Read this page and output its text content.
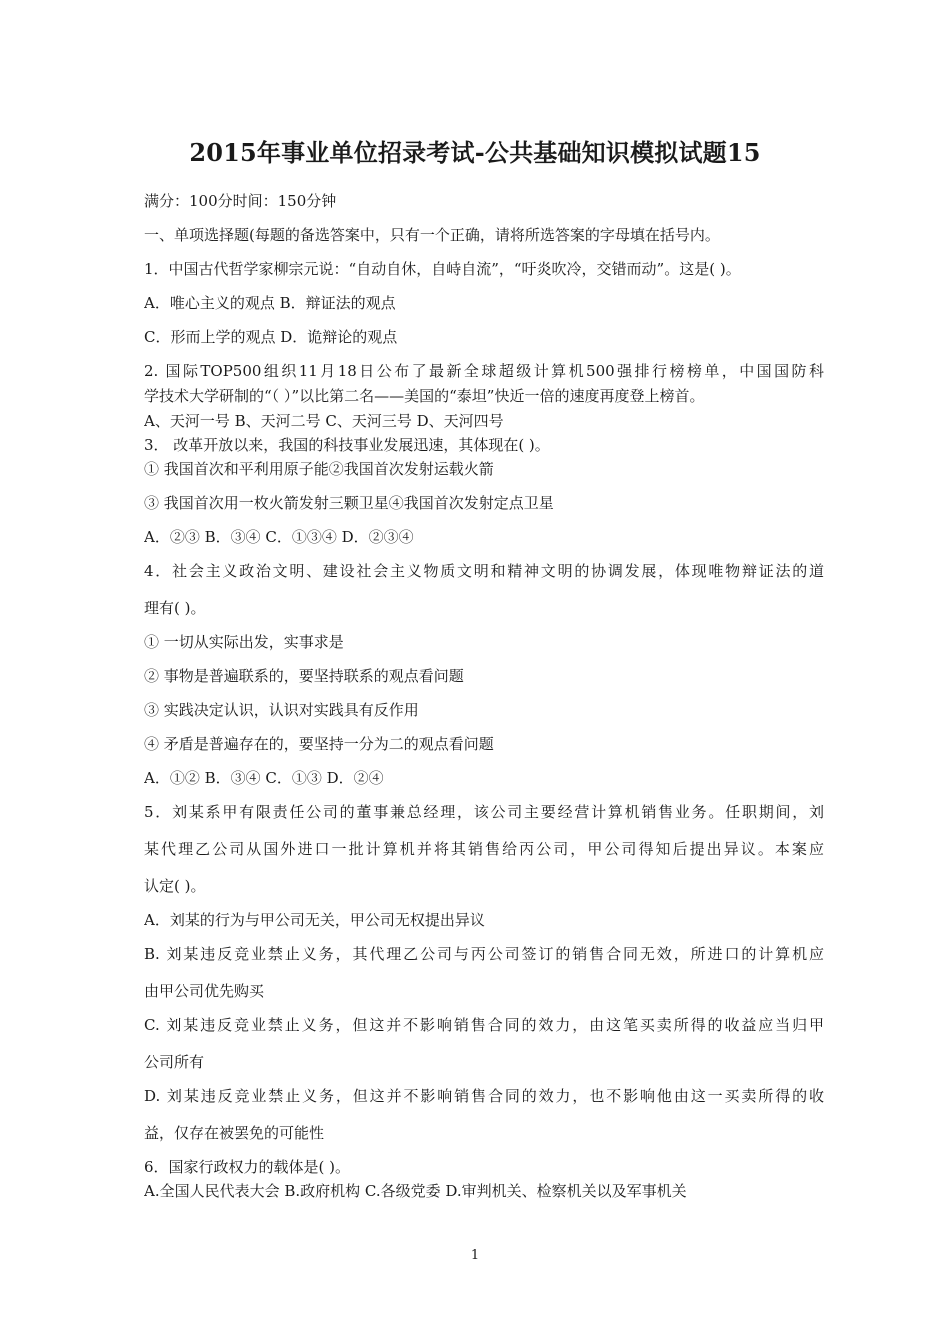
2015年事业单位招录考试-公共基础知识模拟试题15
满分：100分时间：150分钟
一、单项选择题(每题的备选答案中，只有一个正确，请将所选答案的字母填在括号内。
1．中国古代哲学家柳宗元说：“自动自休，自峙自流”，“吁炎吹冷，交错而动”。这是( )。
A．唯心主义的观点 B．辩证法的观点
C．形而上学的观点 D．诡辩论的观点
2. 国际TOP500组织11月18日公布了最新全球超级计算机500强排行榜榜单，中国国防科
学技术大学研制的“（ ）”以比第二名——美国的“泰坦”快近一倍的速度再度登上榜首。
A、天河一号 B、天河二号 C、天河三号 D、天河四号
3． 改革开放以来，我国的科技事业发展迅速，其体现在( )。
① 我国首次和平利用原子能②我国首次发射运载火箭
③ 我国首次用一枚火箭发射三颗卫星④我国首次发射定点卫星
A．②③ B．③④ C．①③④ D．②③④
4．社会主义政治文明、建设社会主义物质文明和精神文明的协调发展，体现唯物辩证法的道
理有( )。
① 一切从实际出发，实事求是
② 事物是普遍联系的，要坚持联系的观点看问题
③ 实践决定认识，认识对实践具有反作用
④ 矛盾是普遍存在的，要坚持一分为二的观点看问题
A．①② B．③④ C．①③ D．②④
5．刘某系甲有限责任公司的董事兼总经理，该公司主要经营计算机销售业务。任职期间，刘
某代理乙公司从国外进口一批计算机并将其销售给丙公司，甲公司得知后提出异议。本案应
认定( )。
A．刘某的行为与甲公司无关，甲公司无权提出异议
B. 刘某违反竞业禁止义务，其代理乙公司与丙公司签订的销售合同无效，所进口的计算机应
由甲公司优先购买
C. 刘某违反竞业禁止义务，但这并不影响销售合同的效力，由这笔买卖所得的收益应当归甲
公司所有
D. 刘某违反竞业禁止义务，但这并不影响销售合同的效力，也不影响他由这一买卖所得的收
益，仅存在被罢免的可能性
6．国家行政权力的载体是( )。
A.全国人民代表大会 B.政府机构 C.各级党委 D.审判机关、检察机关以及军事机关
1
